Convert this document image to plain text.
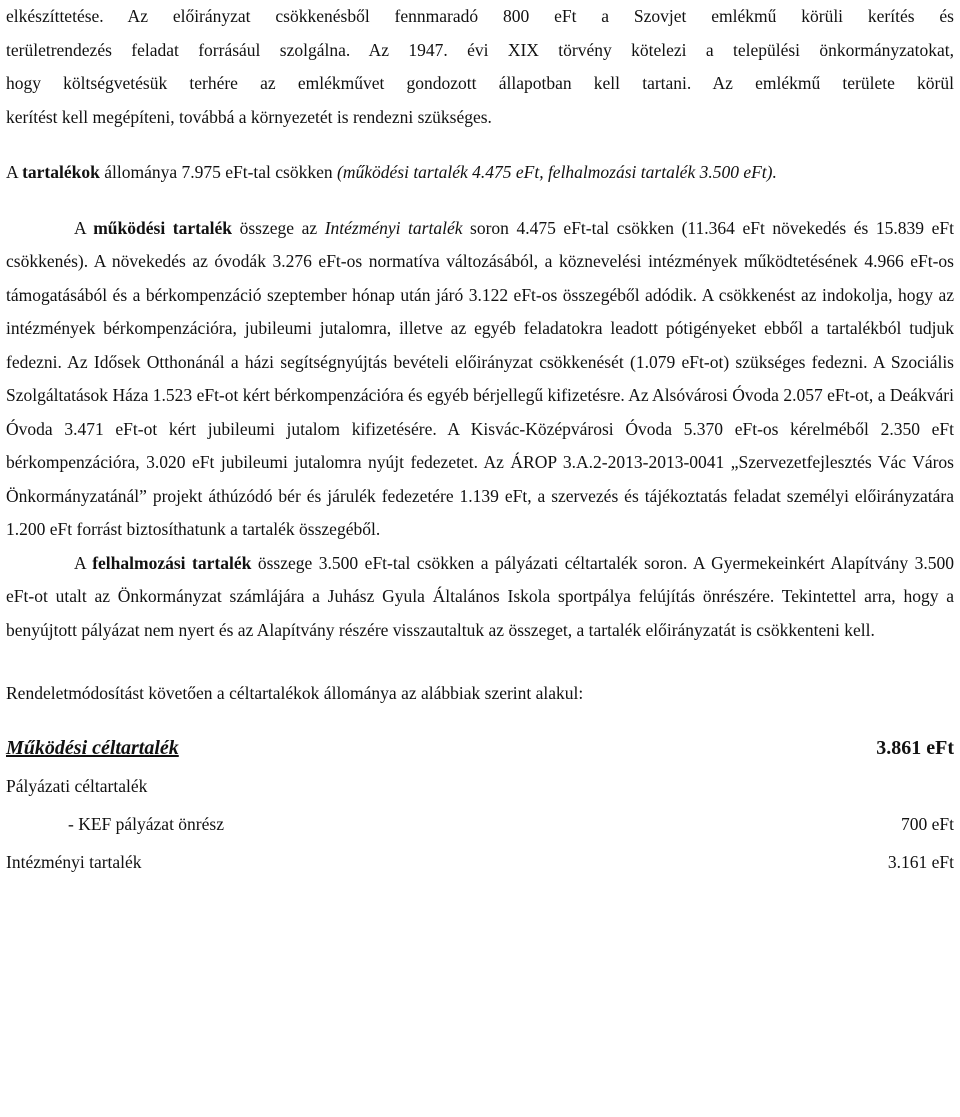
elkészíttetése. Az előirányzat csökkenésből fennmaradó 800 eFt a Szovjet emlékmű körüli kerítés és

területrendezés feladat forrásául szolgálna. Az 1947. évi XIX törvény kötelezi a települési önkormányzatokat,

hogy költségvetésük terhére az emlékművet gondozott állapotban kell tartani. Az emlékmű területe körül

kerítést kell megépíteni, továbbá a környezetét is rendezni szükséges.

A tartalékok állománya 7.975 eFt-tal csökken (működési tartalék 4.475 eFt, felhalmozási tartalék 3.500 eFt).

A működési tartalék összege az Intézményi tartalék soron 4.475 eFt-tal csökken (11.364 eFt növekedés és 15.839 eFt csökkenés). A növekedés az óvodák 3.276 eFt-os normatíva változásából, a köznevelési intézmények működtetésének 4.966 eFt-os támogatásából és a bérkompenzáció szeptember hónap után járó 3.122 eFt-os összegéből adódik. A csökkenést az indokolja, hogy az intézmények bérkompenzációra, jubileumi jutalomra, illetve az egyéb feladatokra leadott pótigényeket ebből a tartalékból tudjuk fedezni. Az Idősek Otthonánál a házi segítségnyújtás bevételi előirányzat csökkenését (1.079 eFt-ot) szükséges fedezni. A Szociális Szolgáltatások Háza 1.523 eFt-ot kért bérkompenzációra és egyéb bérjellegű kifizetésre. Az Alsóvárosi Óvoda 2.057 eFt-ot, a Deákvári Óvoda 3.471 eFt-ot kért jubileumi jutalom kifizetésére. A Kisvác-Középvárosi Óvoda 5.370 eFt-os kérelméből 2.350 eFt bérkompenzációra, 3.020 eFt jubileumi jutalomra nyújt fedezetet. Az ÁROP 3.A.2-2013-2013-0041 „Szervezetfejlesztés Vác Város Önkormányzatánál” projekt áthúzódó bér és járulék fedezetére 1.139 eFt, a szervezés és tájékoztatás feladat személyi előirányzatára 1.200 eFt forrást biztosíthatunk a tartalék összegéből.

A felhalmozási tartalék összege 3.500 eFt-tal csökken a pályázati céltartalék soron. A Gyermekeinkért Alapítvány 3.500 eFt-ot utalt az Önkormányzat számlájára a Juhász Gyula Általános Iskola sportpálya felújítás önrészére. Tekintettel arra, hogy a benyújtott pályázat nem nyert és az Alapítvány részére visszautaltuk az összeget, a tartalék előirányzatát is csökkenteni kell.

Rendeletmódosítást követően a céltartalékok állománya az alábbiak szerint alakul:

Működési céltartalék	3.861 eFt
Pályázati céltartalék
- KEF pályázat önrész	700 eFt
Intézményi tartalék	3.161 eFt
